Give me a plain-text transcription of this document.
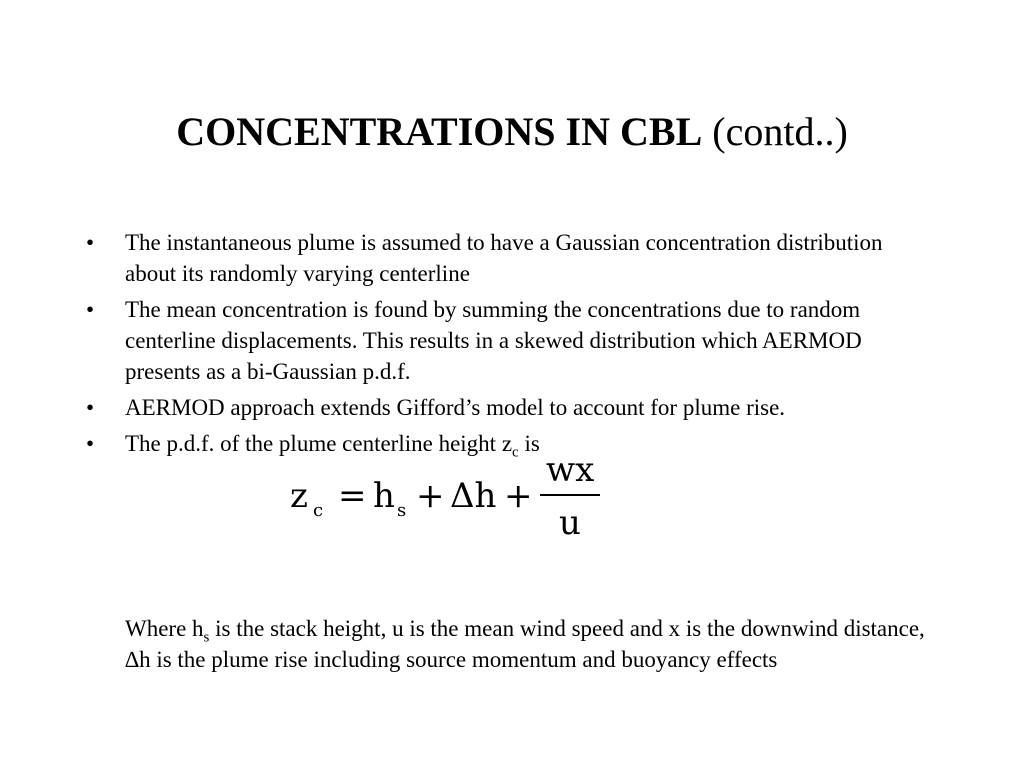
CONCENTRATIONS IN CBL (contd..)
•	The instantaneous plume is assumed to have a Gaussian concentration distribution about its randomly varying centerline
•	The mean concentration is found by summing the concentrations due to random centerline displacements. This results in a skewed distribution which AERMOD presents as a bi-Gaussian p.d.f.
•	AERMOD approach extends Gifford’s model to account for plume rise.
•	The p.d.f. of the plume centerline height $z_c$ is
z c = h s + Δh +
wx
u
Where $h_s$ is the stack height, u is the mean wind speed and x is the downwind distance, ∆h is the plume rise including source momentum and buoyancy effects
